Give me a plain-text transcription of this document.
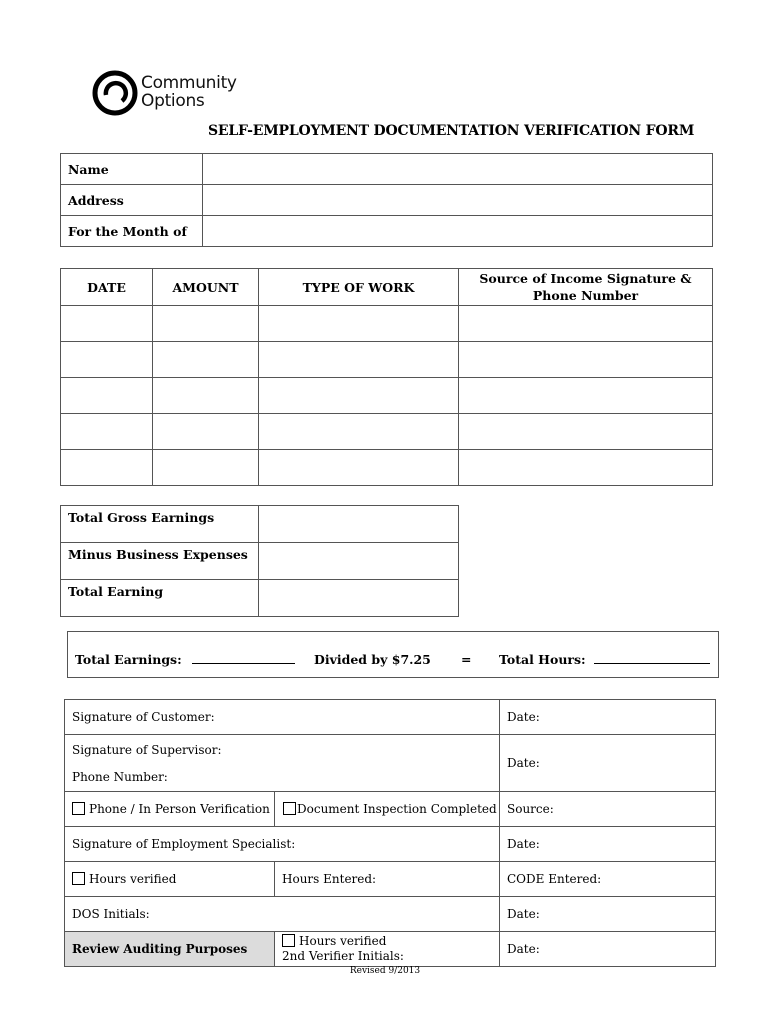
Community
Options
SELF-EMPLOYMENT DOCUMENTATION VERIFICATION FORM
Name	
Address	
For the Month of	
DATE	AMOUNT	TYPE OF WORK	Source of Income Signature &
Phone Number

Total Gross Earnings	
Minus Business Expenses	
Total Earning	
Total Earnings:	Divided by $7.25 = Total Hours:
Signature of Customer:		Date:

Signature of Supervisor:
Phone Number:		Date:
Phone / In Person Verification	Document Inspection Completed	Source:
Signature of Employment Specialist:		Date:
Hours verified	Hours Entered:	CODE Entered:
DOS Initials:		Date:
Review Auditing Purposes	Hours verified
2nd Verifier Initials:	Date:
Revised 9/2013
